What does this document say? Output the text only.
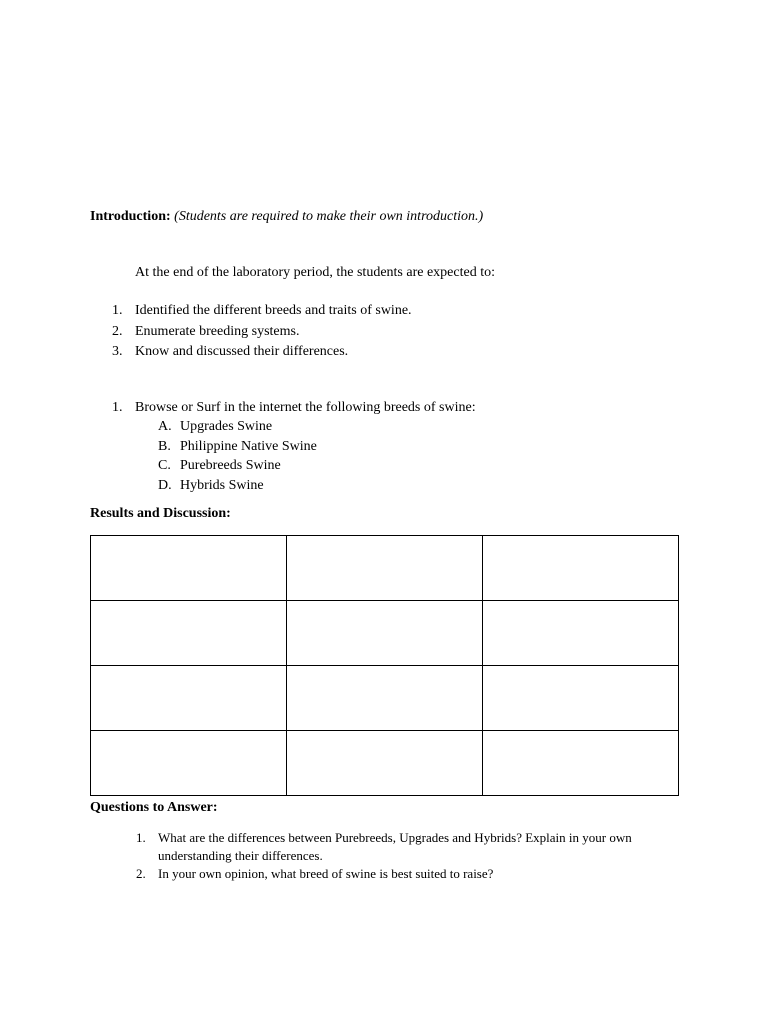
Introduction: (Students are required to make their own introduction.)
At the end of the laboratory period, the students are expected to:
1. Identified the different breeds and traits of swine.
2. Enumerate breeding systems.
3. Know and discussed their differences.
1. Browse or Surf in the internet the following breeds of swine:
A. Upgrades Swine
B. Philippine Native Swine
C. Purebreeds Swine
D. Hybrids Swine
Results and Discussion:

Questions to Answer:
1. What are the differences between Purebreeds, Upgrades and Hybrids? Explain in your own understanding their differences.
2. In your own opinion, what breed of swine is best suited to raise?
